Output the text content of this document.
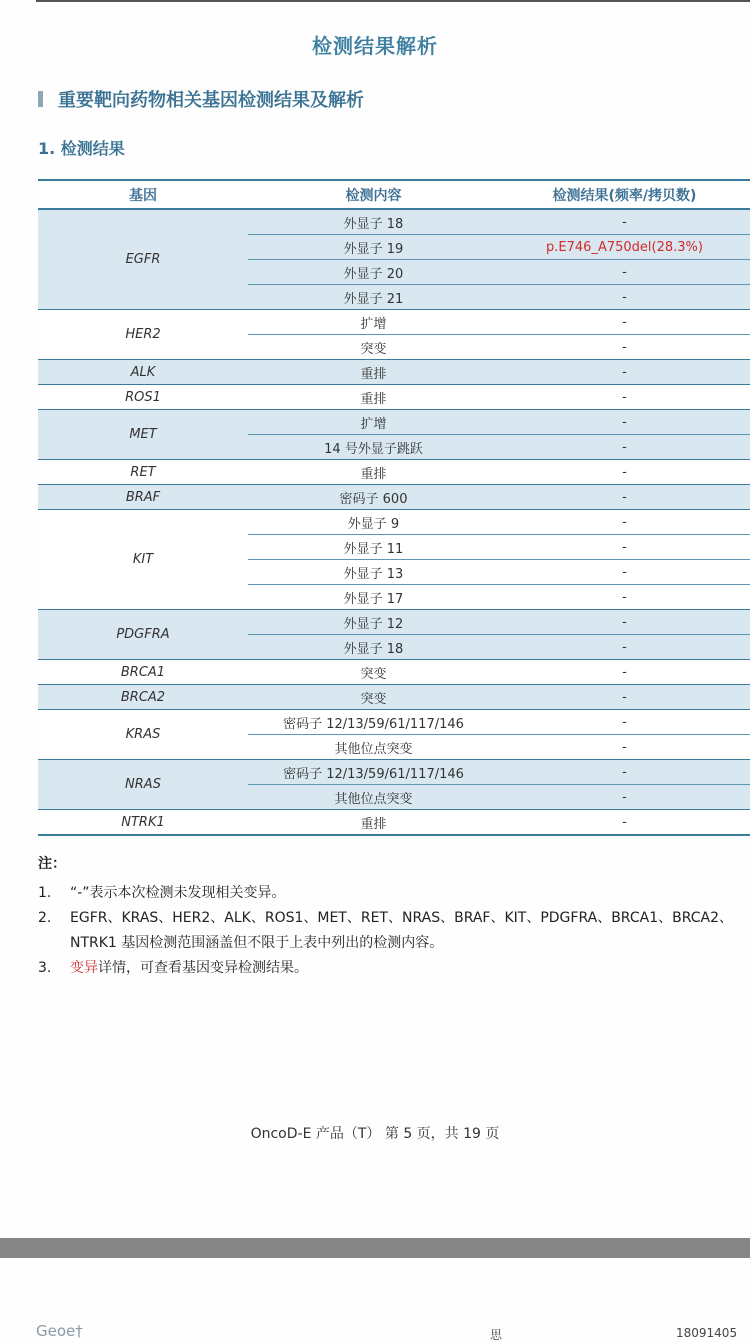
检测结果解析
重要靶向药物相关基因检测结果及解析
1. 检测结果
基因	检测内容	检测结果(频率/拷贝数)
EGFR	外显子 18	-
	外显子 19	p.E746_A750del(28.3%)
	外显子 20	-
	外显子 21	-
HER2	扩增	-
	突变	-
ALK	重排	-
ROS1	重排	-
MET	扩增	-
	14 号外显子跳跃	-
RET	重排	-
BRAF	密码子 600	-
KIT	外显子 9	-
	外显子 11	-
	外显子 13	-
	外显子 17	-
PDGFRA	外显子 12	-
	外显子 18	-
BRCA1	突变	-
BRCA2	突变	-
KRAS	密码子 12/13/59/61/117/146	-
	其他位点突变	-
NRAS	密码子 12/13/59/61/117/146	-
	其他位点突变	-
NTRK1	重排	-
注：
1.	“-”表示本次检测未发现相关变异。
2.	EGFR、KRAS、HER2、ALK、ROS1、MET、RET、NRAS、BRAF、KIT、PDGFRA、BRCA1、BRCA2、NTRK1 基因检测范围涵盖但不限于上表中列出的检测内容。
3.	变异详情，可查看基因变异检测结果。
OncoD-E 产品（T） 第 5 页，共 19 页
Geoe†	思	18091405
